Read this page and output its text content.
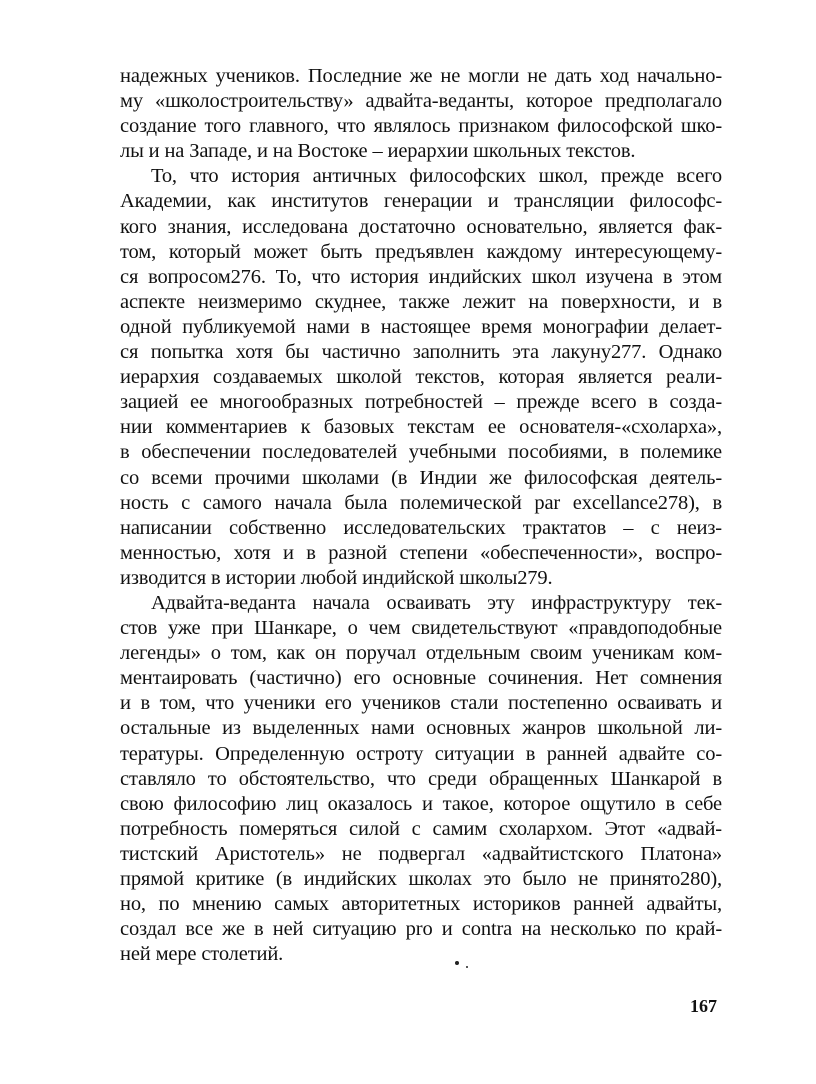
надежных учеников. Последние же не могли не дать ход начально-
му «школостроительству» адвайта-веданты, которое предполагало
создание того главного, что являлось признаком философской шко-
лы и на Западе, и на Востоке – иерархии школьных текстов.
То, что история античных философских школ, прежде всего
Академии, как институтов генерации и трансляции философс-
кого знания, исследована достаточно основательно, является фак-
том, который может быть предъявлен каждому интересующему-
ся вопросом276. То, что история индийских школ изучена в этом
аспекте неизмеримо скуднее, также лежит на поверхности, и в
одной публикуемой нами в настоящее время монографии делает-
ся попытка хотя бы частично заполнить эта лакуну277. Однако
иерархия создаваемых школой текстов, которая является реали-
зацией ее многообразных потребностей – прежде всего в созда-
нии комментариев к базовых текстам ее основателя-«схоларха»,
в обеспечении последователей учебными пособиями, в полемике
со всеми прочими школами (в Индии же философская деятель-
ность с самого начала была полемической par excellance278), в
написании собственно исследовательских трактатов – с неиз-
менностью, хотя и в разной степени «обеспеченности», воспро-
изводится в истории любой индийской школы279.
Адвайта-веданта начала осваивать эту инфраструктуру тек-
стов уже при Шанкаре, о чем свидетельствуют «правдоподобные
легенды» о том, как он поручал отдельным своим ученикам ком-
ментаировать (частично) его основные сочинения. Нет сомнения
и в том, что ученики его учеников стали постепенно осваивать и
остальные из выделенных нами основных жанров школьной ли-
тературы. Определенную остроту ситуации в ранней адвайте со-
ставляло то обстоятельство, что среди обращенных Шанкарой в
свою философию лиц оказалось и такое, которое ощутило в себе
потребность померяться силой с самим схолархом. Этот «адвай-
тистский Аристотель» не подвергал «адвайтистского Платона»
прямой критике (в индийских школах это было не принято280),
но, по мнению самых авторитетных историков ранней адвайты,
создал все же в ней ситуацию pro и contra на несколько по край-
ней мере столетий.
167
